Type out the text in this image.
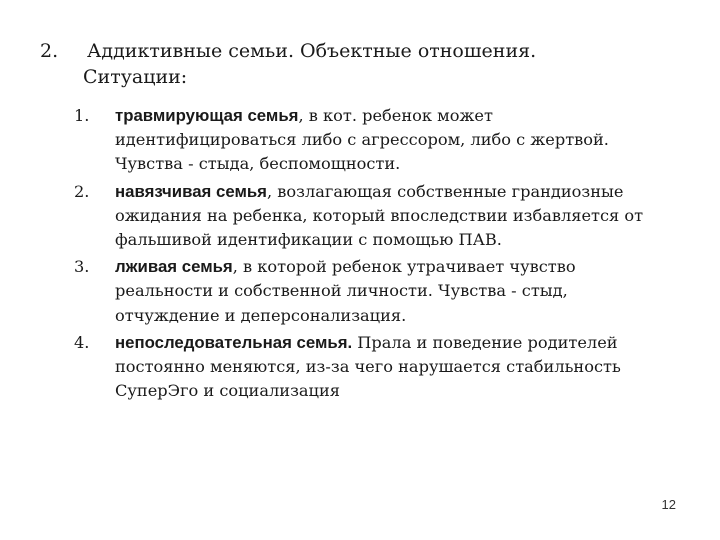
2. Аддиктивные семьи. Объектные отношения.
Ситуации:
1. травмирующая семья, в кот. ребенок может идентифицироваться либо с агрессором, либо с жертвой. Чувства - стыда, беспомощности.
2. навязчивая семья, возлагающая собственные грандиозные ожидания на ребенка, который впоследствии избавляется от фальшивой идентификации с помощью ПАВ.
3. лживая семья, в которой ребенок утрачивает чувство реальности и собственной личности. Чувства - стыд, отчуждение и деперсонализация.
4. непоследовательная семья. Прала и поведение родителей постоянно меняются, из-за чего нарушается стабильность СуперЭго и социализация
12
